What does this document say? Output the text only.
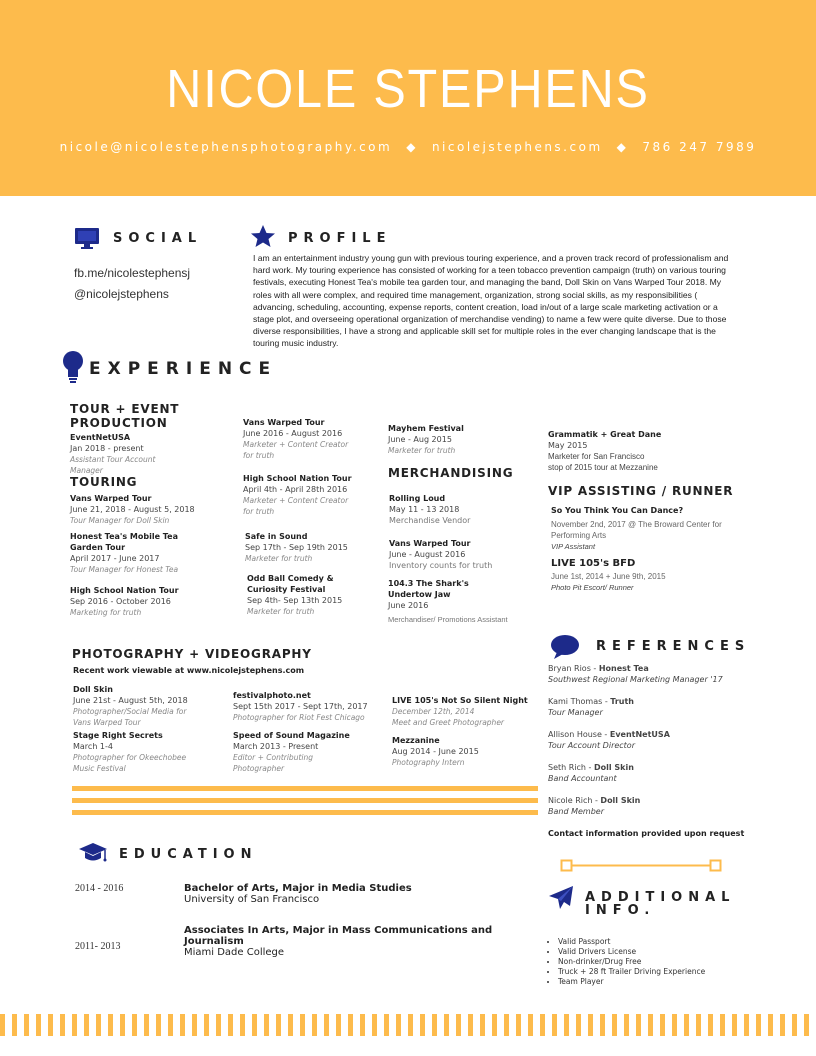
NICOLE STEPHENS
nicole@nicolestephensphotography.com ◆ nicolejstephens.com ◆ 786 247 7989
SOCIAL
fb.me/nicolestephensj
@nicolejstephens
PROFILE
I am an entertainment industry young gun with previous touring experience, and a proven track record of professionalism and hard work. My touring experience has consisted of working for a teen tobacco prevention campaign (truth) on various touring festivals, executing Honest Tea's mobile tea garden tour, and managing the band, Doll Skin on Vans Warped Tour 2018. My roles with all were complex, and required time management, organization, strong social skills, as my responsibilities ( advancing, scheduling, accounting, expense reports, content creation, load in/out of a large scale marketing activation or a stage plot, and overseeing operational organization of merchandise vending) to name a few were quite diverse. Due to those diverse responsibilities, I have a strong and applicable skill set for multiple roles in the ever changing landscape that is the touring music industry.
EXPERIENCE
TOUR + EVENT PRODUCTION
EventNetUSA
Jan 2018 - present
Assistant Tour Account
Manager
TOURING
Vans Warped Tour
June 21, 2018 - August 5, 2018
Tour Manager for Doll Skin
Honest Tea's Mobile Tea
Garden Tour
April 2017 - June 2017
Tour Manager for Honest Tea
High School Nation Tour
Sep 2016 - October 2016
Marketing for truth
Vans Warped Tour
June 2016 - August 2016
Marketer + Content Creator
for truth
High School Nation Tour
April 4th - April 28th 2016
Marketer + Content Creator
for truth
Safe in Sound
Sep 17th - Sep 19th 2015
Marketer for truth
Odd Ball Comedy &
Curiosity Festival
Sep 4th- Sep 13th 2015
Marketer for truth
Mayhem Festival
June - Aug 2015
Marketer for truth
MERCHANDISING
Rolling Loud
May 11 - 13 2018
Merchandise Vendor
Vans Warped Tour
June - August 2016
Inventory counts for truth
104.3 The Shark's
Undertow Jaw
June 2016
Merchandiser/ Promotions Assistant
Grammatik + Great Dane
May 2015
Marketer for San Francisco
stop of 2015 tour at Mezzanine
VIP ASSISTING / RUNNER
So You Think You Can Dance?
November 2nd, 2017 @ The Broward Center for
Performing Arts
VIP Assistant
LIVE 105's BFD
June 1st, 2014 + June 9th, 2015
Photo Pit Escort/ Runner
PHOTOGRAPHY + VIDEOGRAPHY
Recent work viewable at www.nicolejstephens.com
Doll Skin
June 21st - August 5th, 2018
Photographer/Social Media for
Vans Warped Tour
Stage Right Secrets
March 1-4
Photographer for Okeechobee
Music Festival
festivalphoto.net
Sept 15th 2017 - Sept 17th, 2017
Photographer for Riot Fest Chicago
Speed of Sound Magazine
March 2013 - Present
Editor + Contributing
Photographer
LIVE 105's Not So Silent Night
December 12th, 2014
Meet and Greet Photographer
Mezzanine
Aug 2014 - June 2015
Photography Intern
REFERENCES
Bryan Rios - Honest Tea
Southwest Regional Marketing Manager '17
Kami Thomas - Truth
Tour Manager
Allison House - EventNetUSA
Tour Account Director
Seth Rich - Doll Skin
Band Accountant
Nicole Rich - Doll Skin
Band Member
Contact information provided upon request
ADDITIONAL
INFO.
• Valid Passport
• Valid Drivers License
• Non-drinker/Drug Free
• Truck + 28 ft Trailer Driving Experience
• Team Player
EDUCATION
2014 - 2016	Bachelor of Arts, Major in Media Studies
University of San Francisco
2011- 2013
Associates In Arts, Major in Mass Communications and
Journalism
Miami Dade College
